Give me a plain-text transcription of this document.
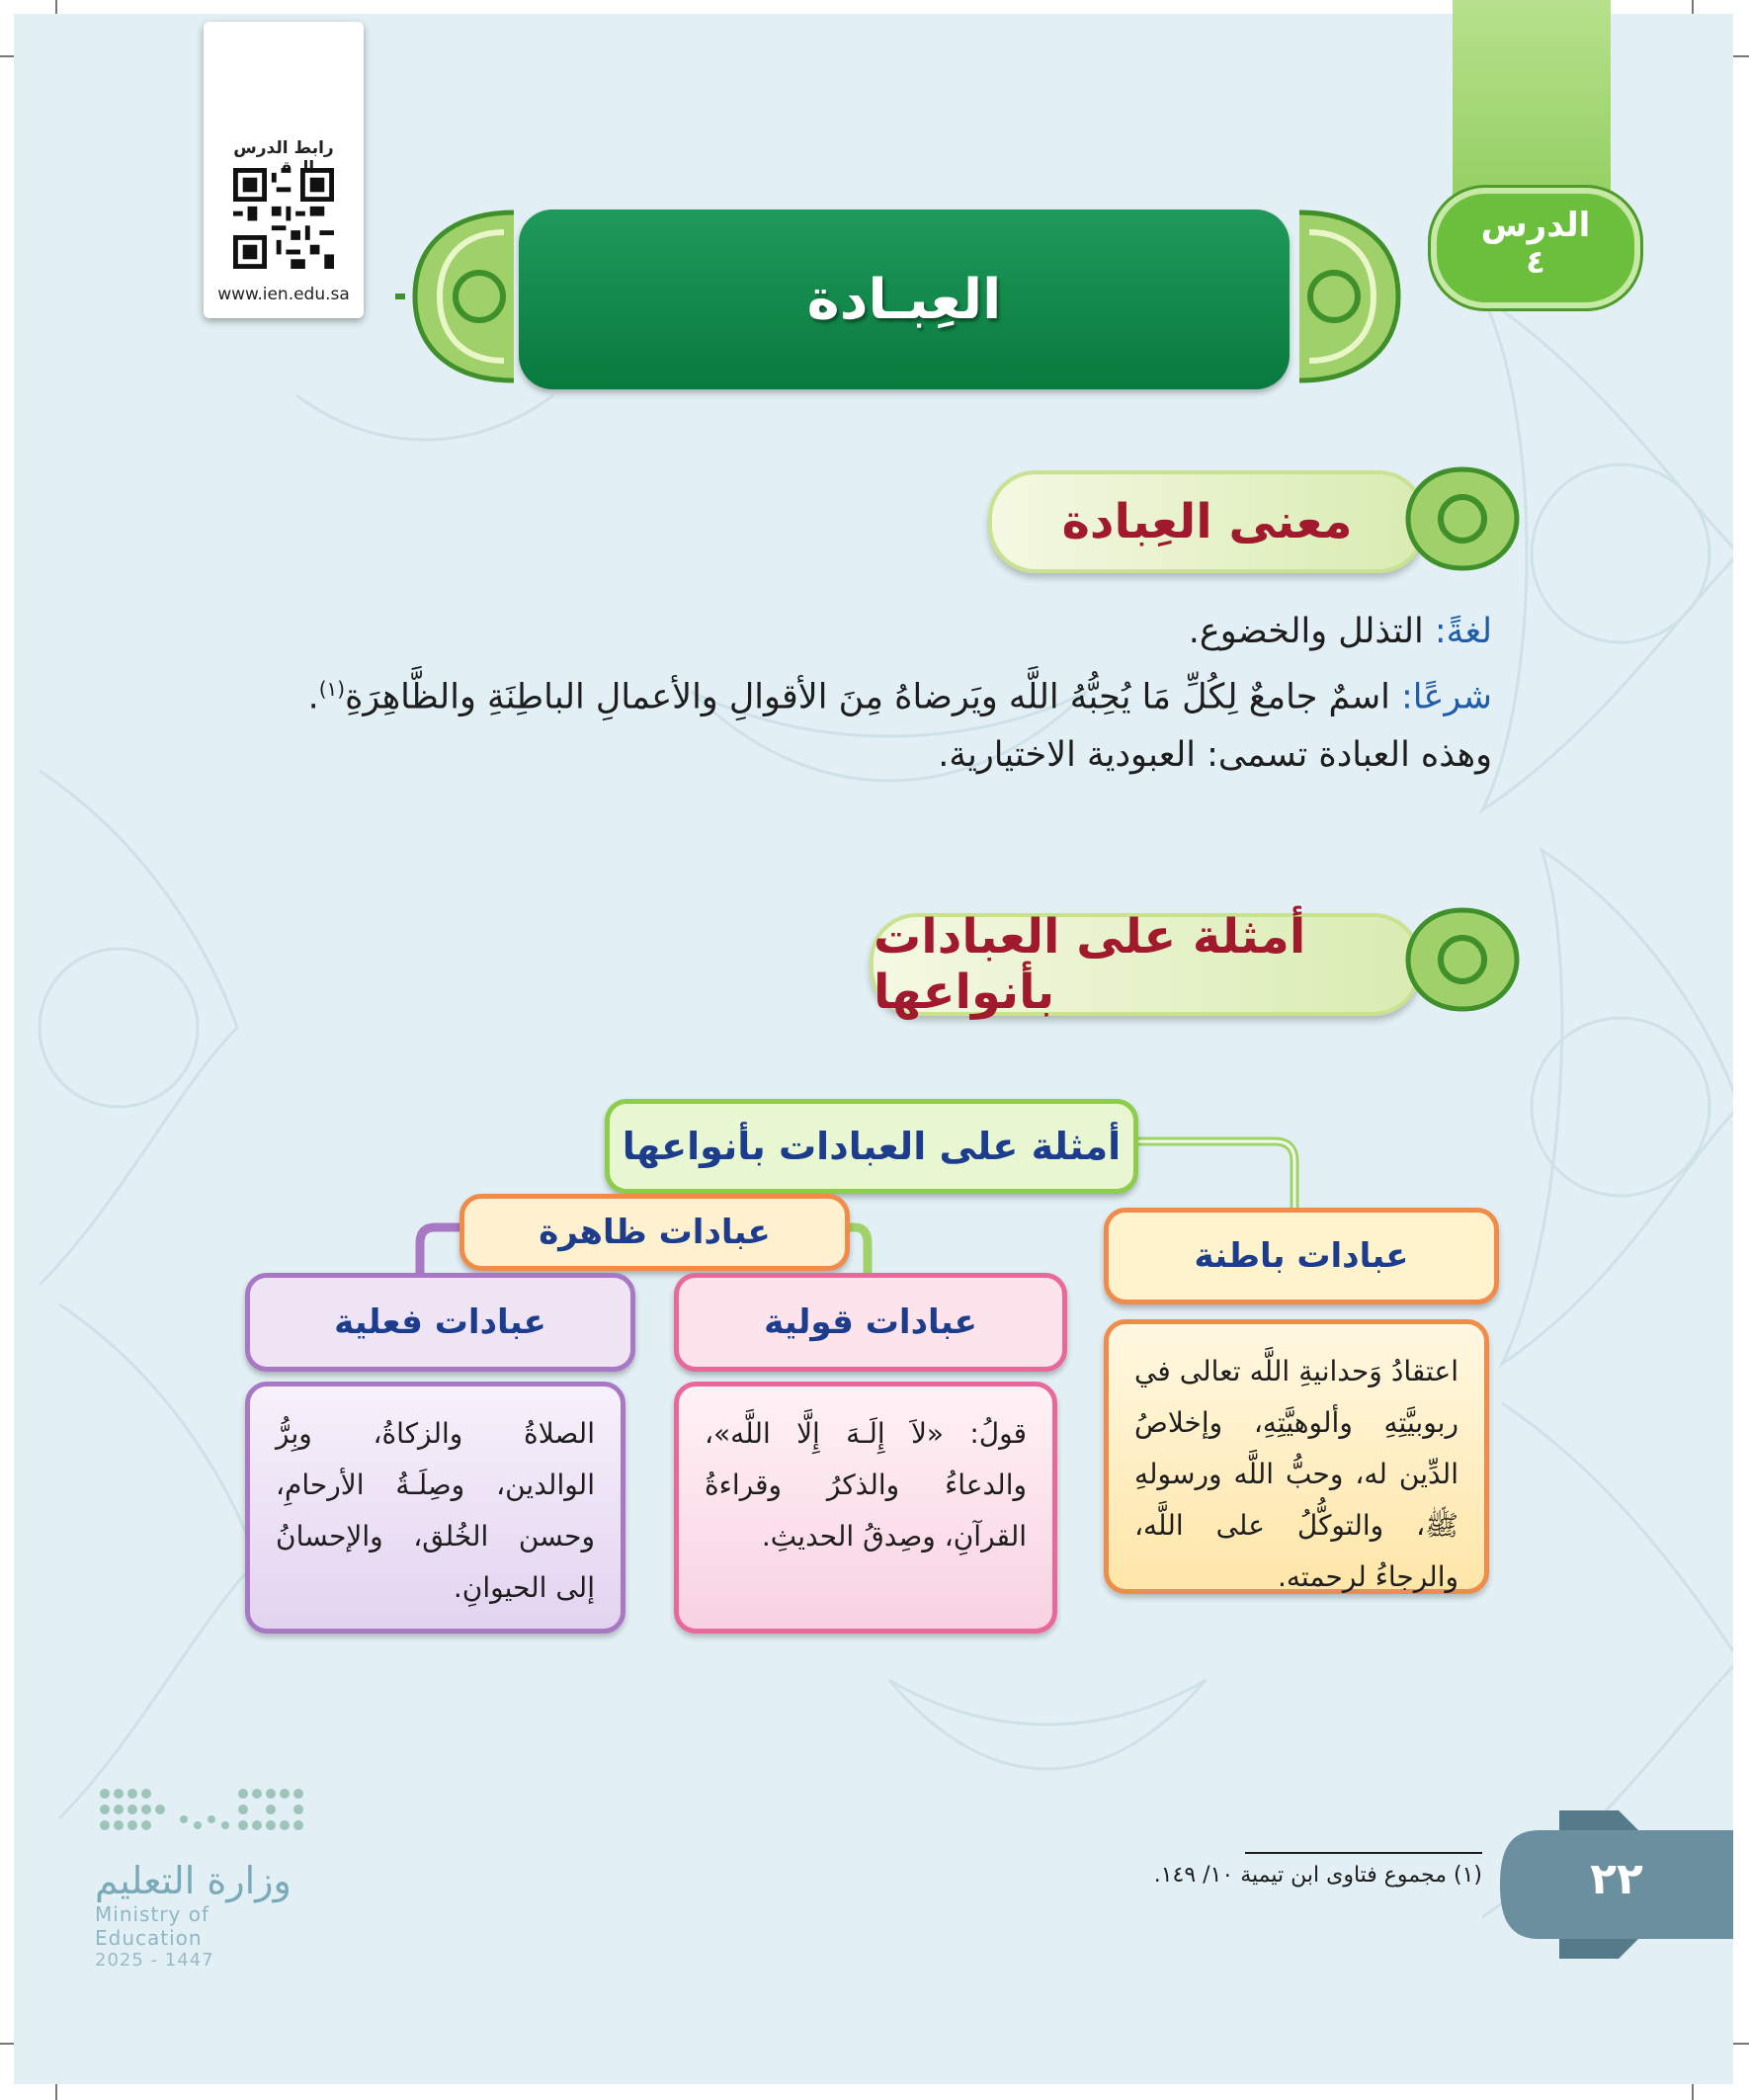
الدرس
٤
رابط الدرس
www.ien.edu.sa	العِبـادة
معنى العِبادة
لغةً: التذلل والخضوع.
شرعًا: اسمٌ جامعٌ لِكُلِّ مَا يُحِبُّهُ اللَّه ويَرضاهُ مِنَ الأقوالِ والأعمالِ الباطِنَةِ والظَّاهِرَةِ$^{(١)}$.
وهذه العبادة تسمى: العبودية الاختيارية.
أمثلة على العبادات بأنواعها
أمثلة على العبادات بأنواعها
عبادات ظاهرة
عبادات باطنة
عبادات قولية
عبادات فعلية
اعتقادُ وَحدانيةِ اللَّه تعالى في ربوبيَّتِهِ وألوهيَّتِهِ، وإخلاصُ الدِّين له، وحبُّ اللَّه ورسولهِ ﷺ، والتوكُّلُ على اللَّه، والرجاءُ لرحمته.
قولُ: «لاَ إِلَـهَ إِلَّا اللَّه»، والدعاءُ والذكرُ وقراءةُ القرآنِ، وصِدقُ الحديثِ.
الصلاةُ والزكاةُ، وبِرُّ الوالدين، وصِلَـةُ الأرحامِ، وحسن الخُلق، والإحسانُ إلى الحيوانِ.
(١) مجموع فتاوى ابن تيمية ١٠/ ١٤٩.	٢٢
وزارة التعليم
Ministry of Education
2025 - 1447
